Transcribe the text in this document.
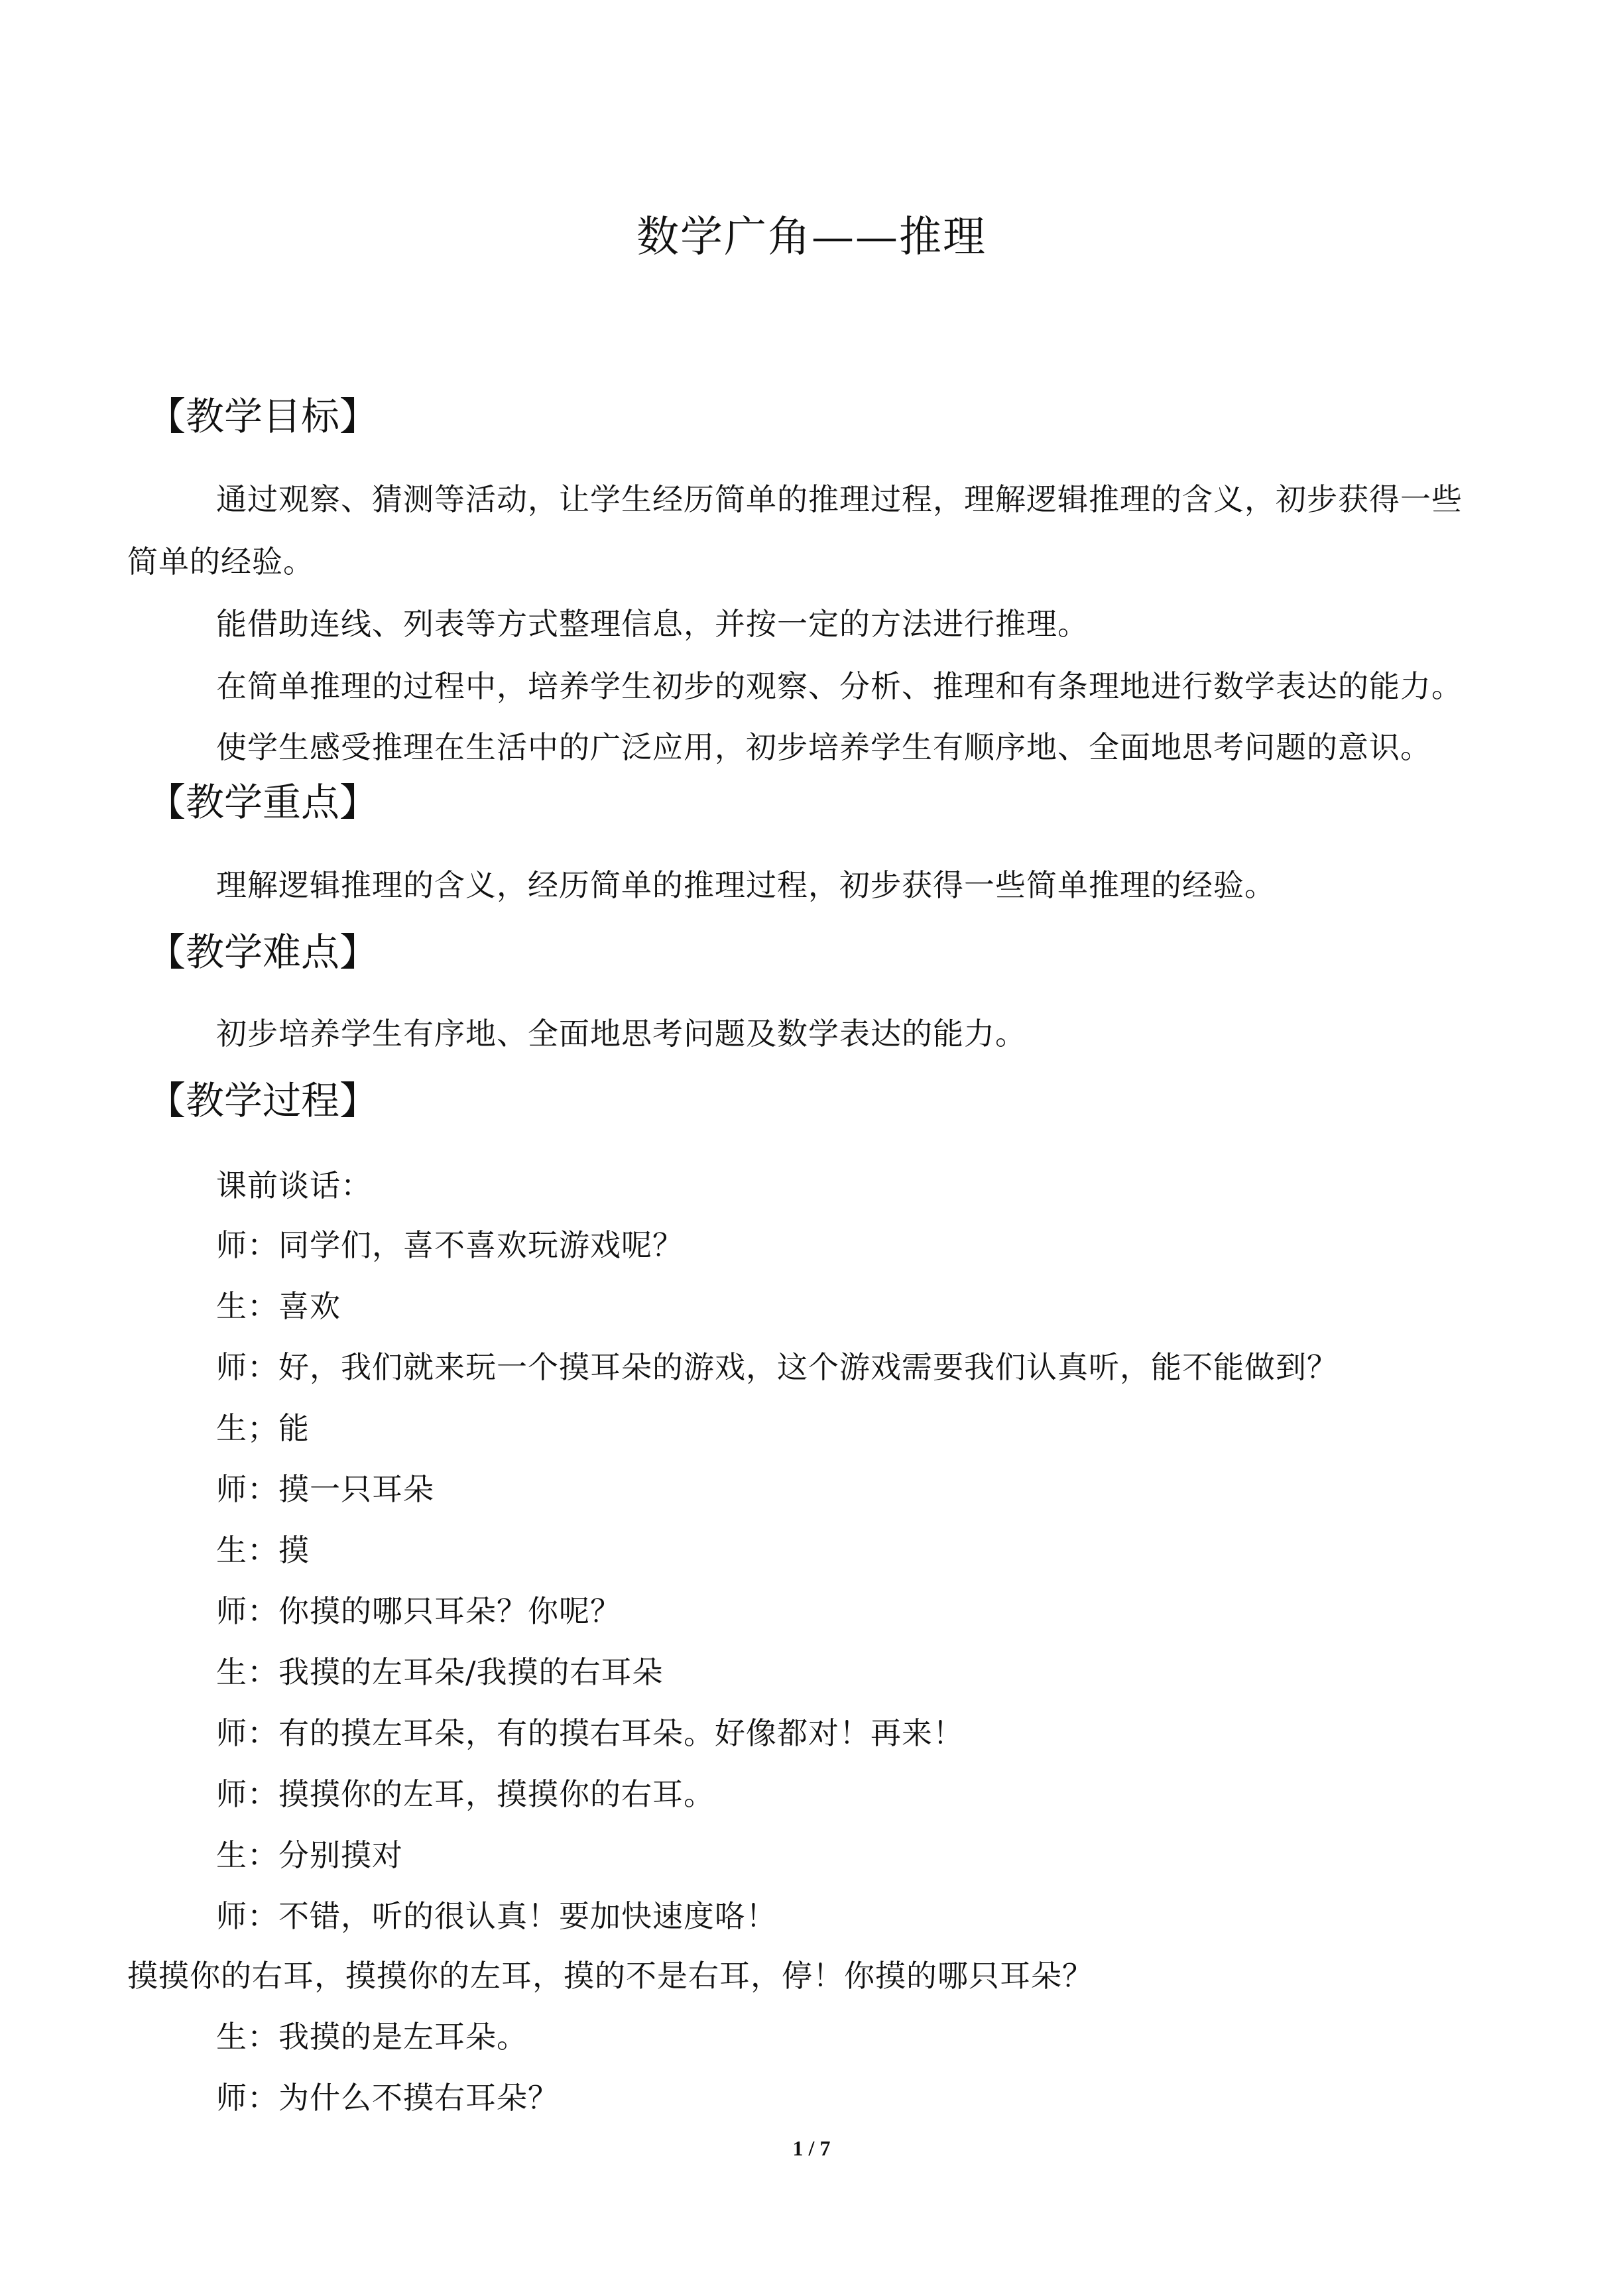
数学广角——推理
【教学目标】

通过观察、猜测等活动，让学生经历简单的推理过程，理解逻辑推理的含义，初步获得一些简单的经验。

能借助连线、列表等方式整理信息，并按一定的方法进行推理。

在简单推理的过程中，培养学生初步的观察、分析、推理和有条理地进行数学表达的能力。

使学生感受推理在生活中的广泛应用，初步培养学生有顺序地、全面地思考问题的意识。

【教学重点】

理解逻辑推理的含义，经历简单的推理过程，初步获得一些简单推理的经验。

【教学难点】

初步培养学生有序地、全面地思考问题及数学表达的能力。

【教学过程】
课前谈话：
师：同学们，喜不喜欢玩游戏呢？
生：喜欢
师：好，我们就来玩一个摸耳朵的游戏，这个游戏需要我们认真听，能不能做到？
生；能
师：摸一只耳朵
生：摸
师：你摸的哪只耳朵？你呢？
生：我摸的左耳朵/我摸的右耳朵
师：有的摸左耳朵，有的摸右耳朵。好像都对！再来！
师：摸摸你的左耳，摸摸你的右耳。
生：分别摸对
师：不错，听的很认真！要加快速度咯！
摸摸你的右耳，摸摸你的左耳，摸的不是右耳，停！你摸的哪只耳朵？
生：我摸的是左耳朵。
师：为什么不摸右耳朵？
1 / 7
